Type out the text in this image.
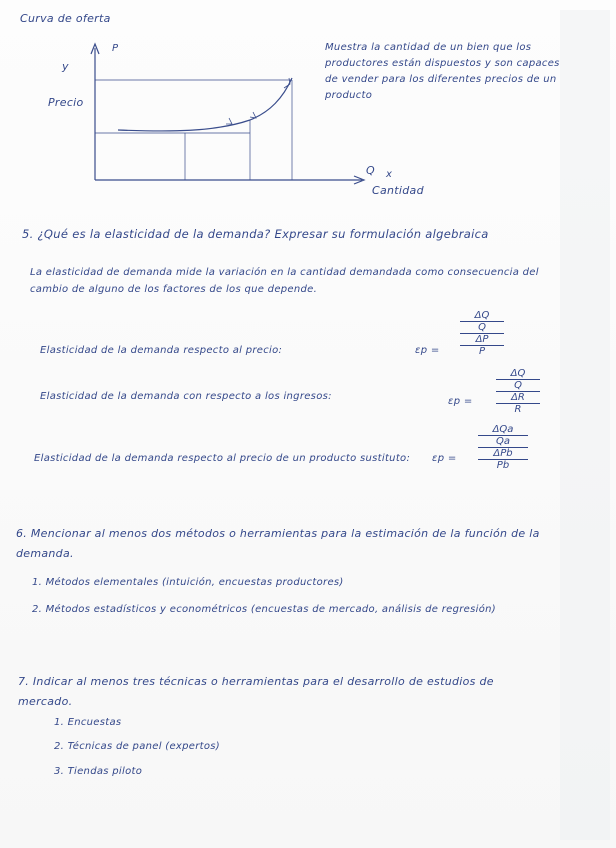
Curva de oferta
y
P
Precio
Q x
Cantidad
Muestra la cantidad de un bien que los productores están dispuestos y son capaces de vender para los diferentes precios de un producto
5. ¿Qué es la elasticidad de la demanda? Expresar su formulación algebraica
La elasticidad de demanda mide la variación en la cantidad demandada como consecuencia del cambio de alguno de los factores de los que depende.
Elasticidad de la demanda respecto al precio:	εp =
ΔQ
Q
ΔP
P
Elasticidad de la demanda con respecto a los ingresos:	εp =
ΔQ
Q
ΔR
R
Elasticidad de la demanda respecto al precio de un producto sustituto:	εp =
ΔQa
Qa
ΔPb
Pb
6. Mencionar al menos dos métodos o herramientas para la estimación de la función de la demanda.
1. Métodos elementales (intuición, encuestas productores)
2. Métodos estadísticos y econométricos (encuestas de mercado, análisis de regresión)
7. Indicar al menos tres técnicas o herramientas para el desarrollo de estudios de mercado.
1. Encuestas
2. Técnicas de panel (expertos)
3. Tiendas piloto
